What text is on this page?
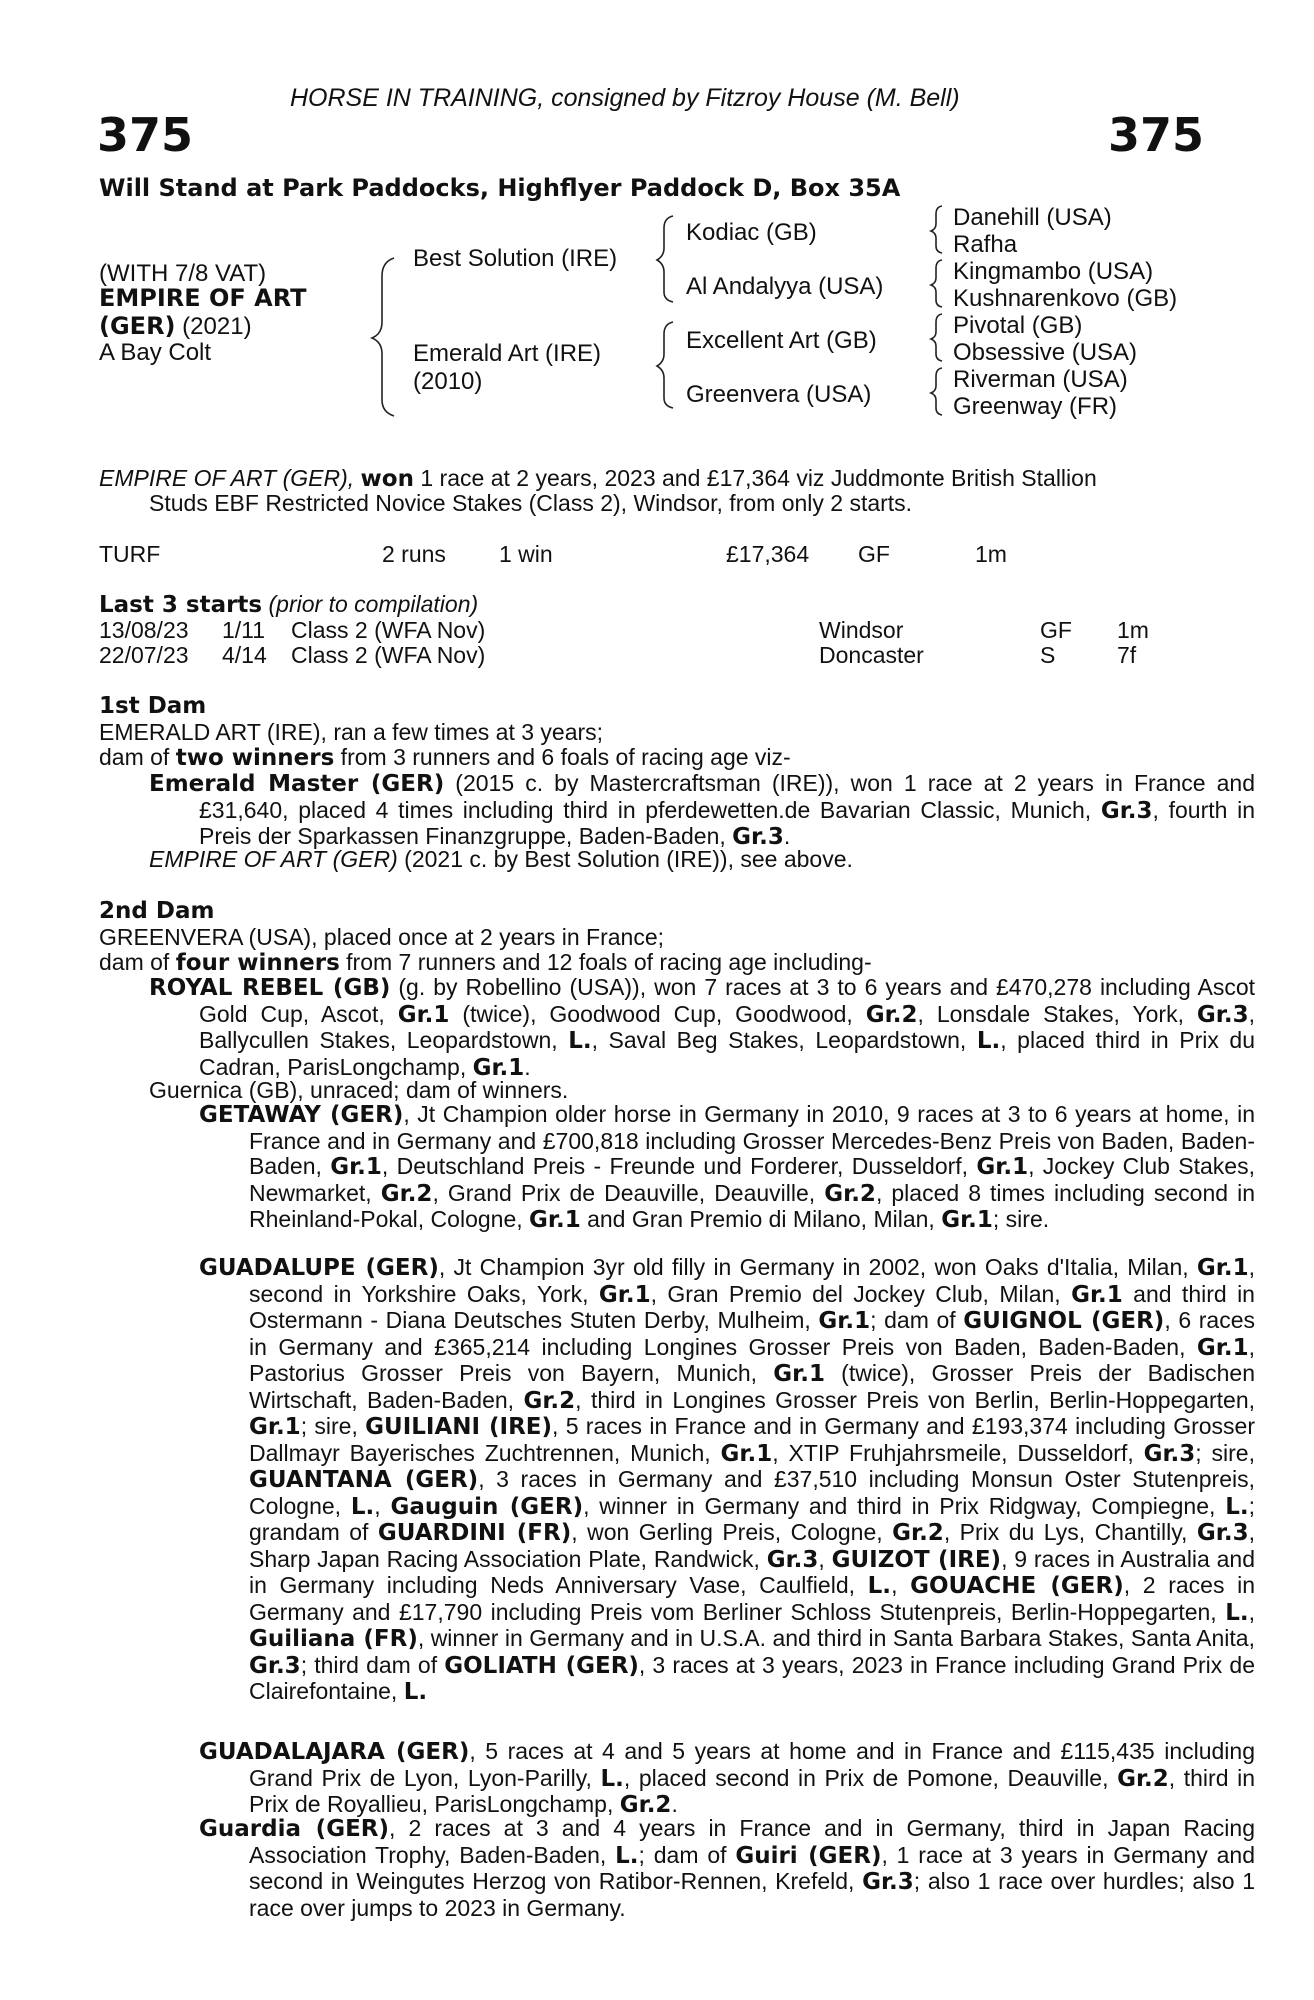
HORSE IN TRAINING, consigned by Fitzroy House (M. Bell)
375	375
Will Stand at Park Paddocks, Highflyer Paddock D, Box 35A
(WITH 7/8 VAT)
EMPIRE OF ART
(GER) (2021)
A Bay Colt
Best Solution (IRE)
Emerald Art (IRE)
(2010)
Kodiac (GB)
Al Andalyya (USA)
Excellent Art (GB)
Greenvera (USA)
Danehill (USA)
Rafha
Kingmambo (USA)
Kushnarenkovo (GB)
Pivotal (GB)
Obsessive (USA)
Riverman (USA)
Greenway (FR)
EMPIRE OF ART (GER), won 1 race at 2 years, 2023 and £17,364 viz Juddmonte British Stallion
Studs EBF Restricted Novice Stakes (Class 2), Windsor, from only 2 starts.
TURF	2 runs 1 win	£17,364 GF	1m
Last 3 starts (prior to compilation)
13/08/23 1/11 Class 2 (WFA Nov)	Windsor	GF 1m
22/07/23 4/14 Class 2 (WFA Nov)	Doncaster	S	7f
1st Dam
EMERALD ART (IRE), ran a few times at 3 years;
dam of two winners from 3 runners and 6 foals of racing age viz-
Emerald Master (GER) (2015 c. by Mastercraftsman (IRE)), won 1 race at 2 years in France and £31,640, placed 4 times including third in pferdewetten.de Bavarian Classic, Munich, Gr.3, fourth in Preis der Sparkassen Finanzgruppe, Baden-Baden, Gr.3.
EMPIRE OF ART (GER) (2021 c. by Best Solution (IRE)), see above.
2nd Dam
GREENVERA (USA), placed once at 2 years in France;
dam of four winners from 7 runners and 12 foals of racing age including-
ROYAL REBEL (GB) (g. by Robellino (USA)), won 7 races at 3 to 6 years and £470,278 including Ascot Gold Cup, Ascot, Gr.1 (twice), Goodwood Cup, Goodwood, Gr.2, Lonsdale Stakes, York, Gr.3, Ballycullen Stakes, Leopardstown, L., Saval Beg Stakes, Leopardstown, L., placed third in Prix du Cadran, ParisLongchamp, Gr.1.
Guernica (GB), unraced; dam of winners.
GETAWAY (GER), Jt Champion older horse in Germany in 2010, 9 races at 3 to 6 years at home, in France and in Germany and £700,818 including Grosser Mercedes-Benz Preis von Baden, Baden-Baden, Gr.1, Deutschland Preis - Freunde und Forderer, Dusseldorf, Gr.1, Jockey Club Stakes, Newmarket, Gr.2, Grand Prix de Deauville, Deauville, Gr.2, placed 8 times including second in Rheinland-Pokal, Cologne, Gr.1 and Gran Premio di Milano, Milan, Gr.1; sire.
GUADALUPE (GER), Jt Champion 3yr old filly in Germany in 2002, won Oaks d'Italia, Milan, Gr.1, second in Yorkshire Oaks, York, Gr.1, Gran Premio del Jockey Club, Milan, Gr.1 and third in Ostermann - Diana Deutsches Stuten Derby, Mulheim, Gr.1; dam of GUIGNOL (GER), 6 races in Germany and £365,214 including Longines Grosser Preis von Baden, Baden-Baden, Gr.1, Pastorius Grosser Preis von Bayern, Munich, Gr.1 (twice), Grosser Preis der Badischen Wirtschaft, Baden-Baden, Gr.2, third in Longines Grosser Preis von Berlin, Berlin-Hoppegarten, Gr.1; sire, GUILIANI (IRE), 5 races in France and in Germany and £193,374 including Grosser Dallmayr Bayerisches Zuchtrennen, Munich, Gr.1, XTIP Fruhjahrsmeile, Dusseldorf, Gr.3; sire, GUANTANA (GER), 3 races in Germany and £37,510 including Monsun Oster Stutenpreis, Cologne, L., Gauguin (GER), winner in Germany and third in Prix Ridgway, Compiegne, L.; grandam of GUARDINI (FR), won Gerling Preis, Cologne, Gr.2, Prix du Lys, Chantilly, Gr.3, Sharp Japan Racing Association Plate, Randwick, Gr.3, GUIZOT (IRE), 9 races in Australia and in Germany including Neds Anniversary Vase, Caulfield, L., GOUACHE (GER), 2 races in Germany and £17,790 including Preis vom Berliner Schloss Stutenpreis, Berlin-Hoppegarten, L., Guiliana (FR), winner in Germany and in U.S.A. and third in Santa Barbara Stakes, Santa Anita, Gr.3; third dam of GOLIATH (GER), 3 races at 3 years, 2023 in France including Grand Prix de Clairefontaine, L.
GUADALAJARA (GER), 5 races at 4 and 5 years at home and in France and £115,435 including Grand Prix de Lyon, Lyon-Parilly, L., placed second in Prix de Pomone, Deauville, Gr.2, third in Prix de Royallieu, ParisLongchamp, Gr.2.
Guardia (GER), 2 races at 3 and 4 years in France and in Germany, third in Japan Racing Association Trophy, Baden-Baden, L.; dam of Guiri (GER), 1 race at 3 years in Germany and second in Weingutes Herzog von Ratibor-Rennen, Krefeld, Gr.3; also 1 race over hurdles; also 1 race over jumps to 2023 in Germany.
